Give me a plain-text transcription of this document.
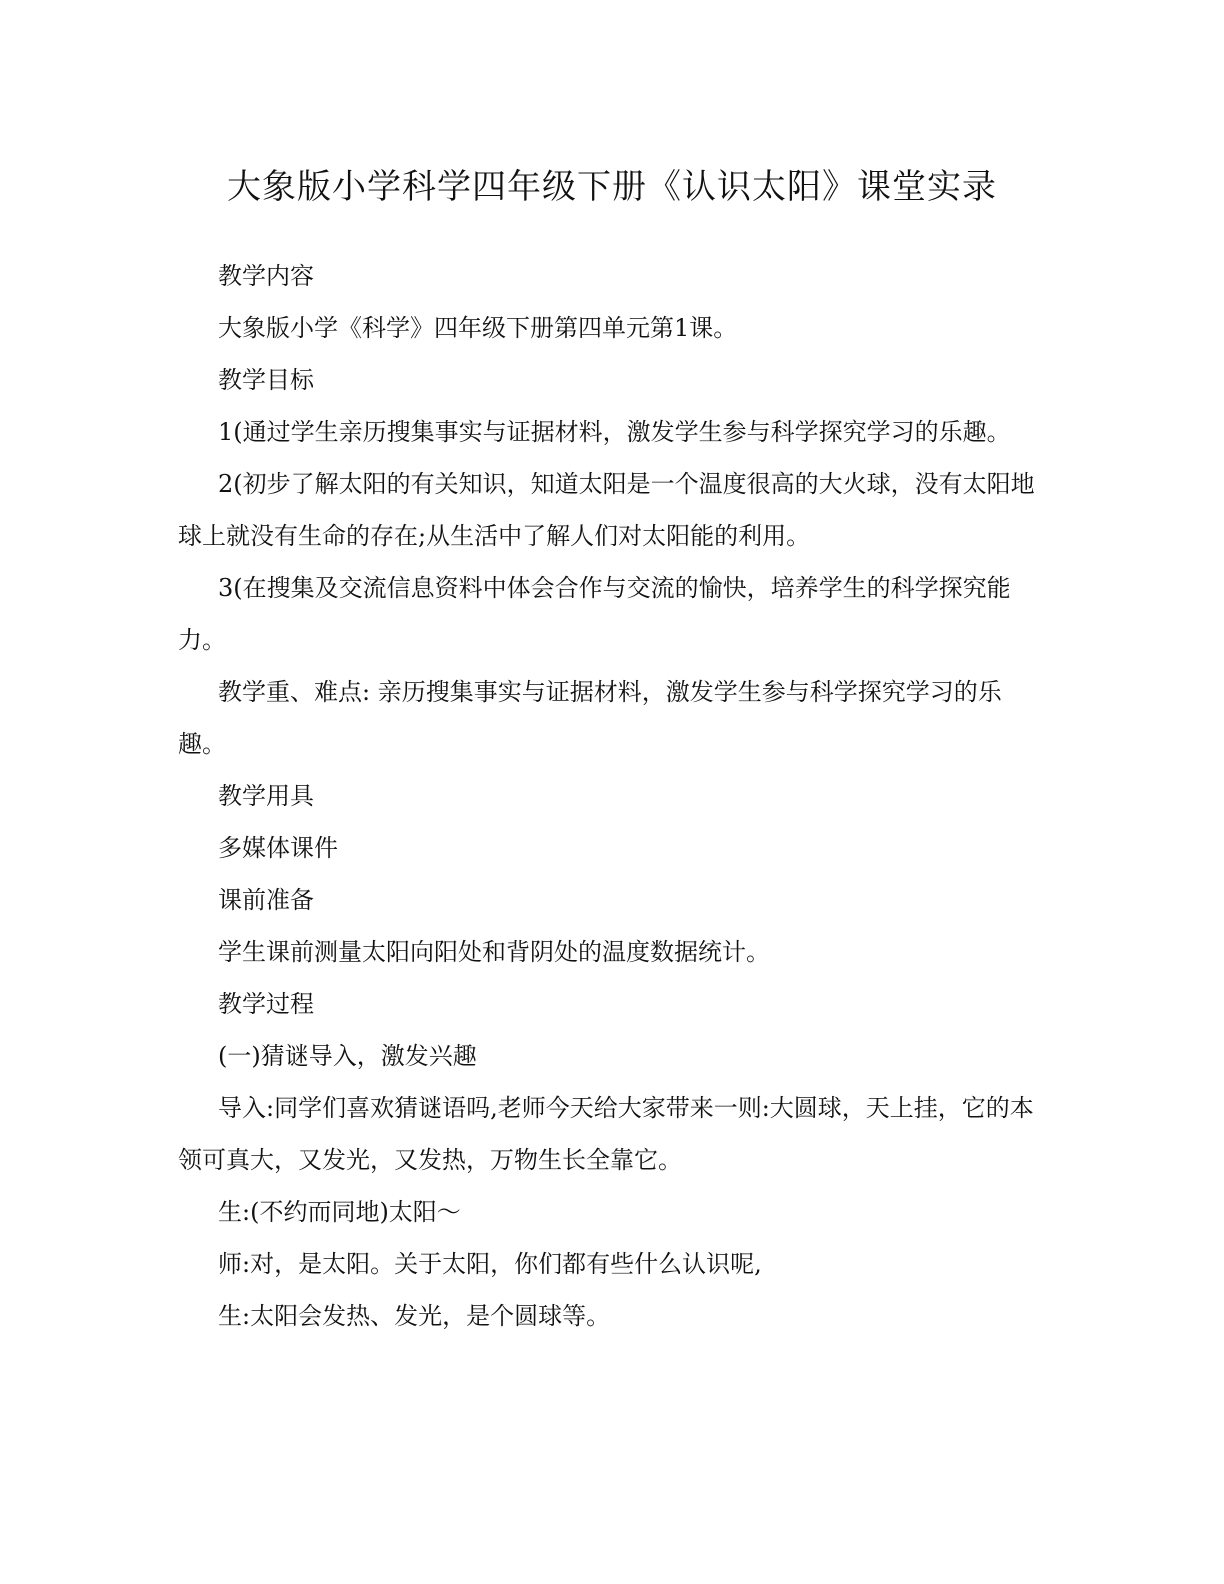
大象版小学科学四年级下册《认识太阳》课堂实录

教学内容

大象版小学《科学》四年级下册第四单元第1课。

教学目标

1(通过学生亲历搜集事实与证据材料，激发学生参与科学探究学习的乐趣。

2(初步了解太阳的有关知识，知道太阳是一个温度很高的大火球，没有太阳地球上就没有生命的存在;从生活中了解人们对太阳能的利用。

3(在搜集及交流信息资料中体会合作与交流的愉快，培养学生的科学探究能力。

教学重、难点: 亲历搜集事实与证据材料，激发学生参与科学探究学习的乐趣。

教学用具

多媒体课件

课前准备

学生课前测量太阳向阳处和背阴处的温度数据统计。

教学过程

(一)猜谜导入，激发兴趣

导入:同学们喜欢猜谜语吗,老师今天给大家带来一则:大圆球，天上挂，它的本领可真大，又发光，又发热，万物生长全靠它。

生:(不约而同地)太阳～

师:对，是太阳。关于太阳，你们都有些什么认识呢,

生:太阳会发热、发光，是个圆球等。
